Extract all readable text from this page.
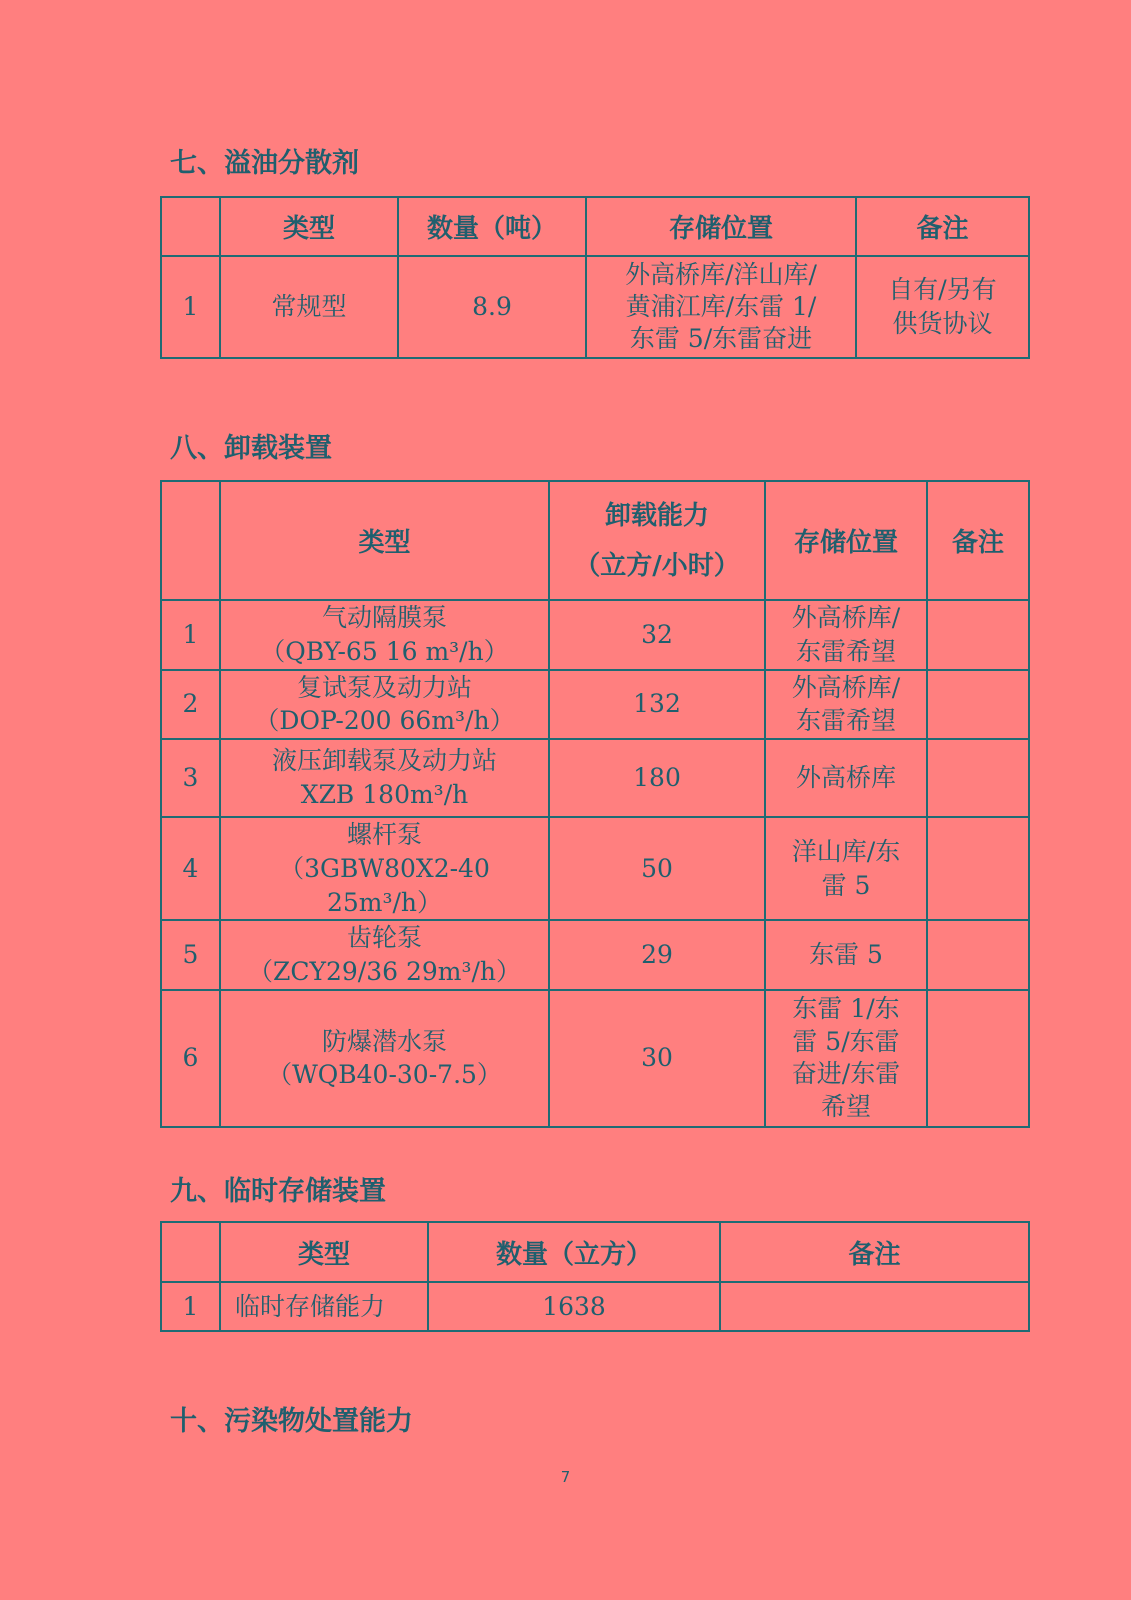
七、溢油分散剂
	类型	数量（吨）	存储位置	备注
1	常规型	8.9	外高桥库/洋山库/
黄浦江库/东雷 1/
东雷 5/东雷奋进	自有/另有
供货协议
八、卸载装置
	类型	卸载能力
（立方/小时）	存储位置	备注
1	气动隔膜泵
（QBY-65 16 m³/h）	32	外高桥库/
东雷希望	
2	复试泵及动力站
（DOP-200 66m³/h）	132	外高桥库/
东雷希望	
3	液压卸载泵及动力站
XZB 180m³/h	180	外高桥库	
4	螺杆泵
（3GBW80X2-40 25m³/h）	50	洋山库/东
雷 5	
5	齿轮泵
（ZCY29/36 29m³/h）	29	东雷 5	
6	防爆潜水泵
（WQB40-30-7.5）	30	东雷 1/东
雷 5/东雷
奋进/东雷
希望	
九、临时存储装置
	类型	数量（立方）	备注
1	临时存储能力	1638	
十、污染物处置能力
7
